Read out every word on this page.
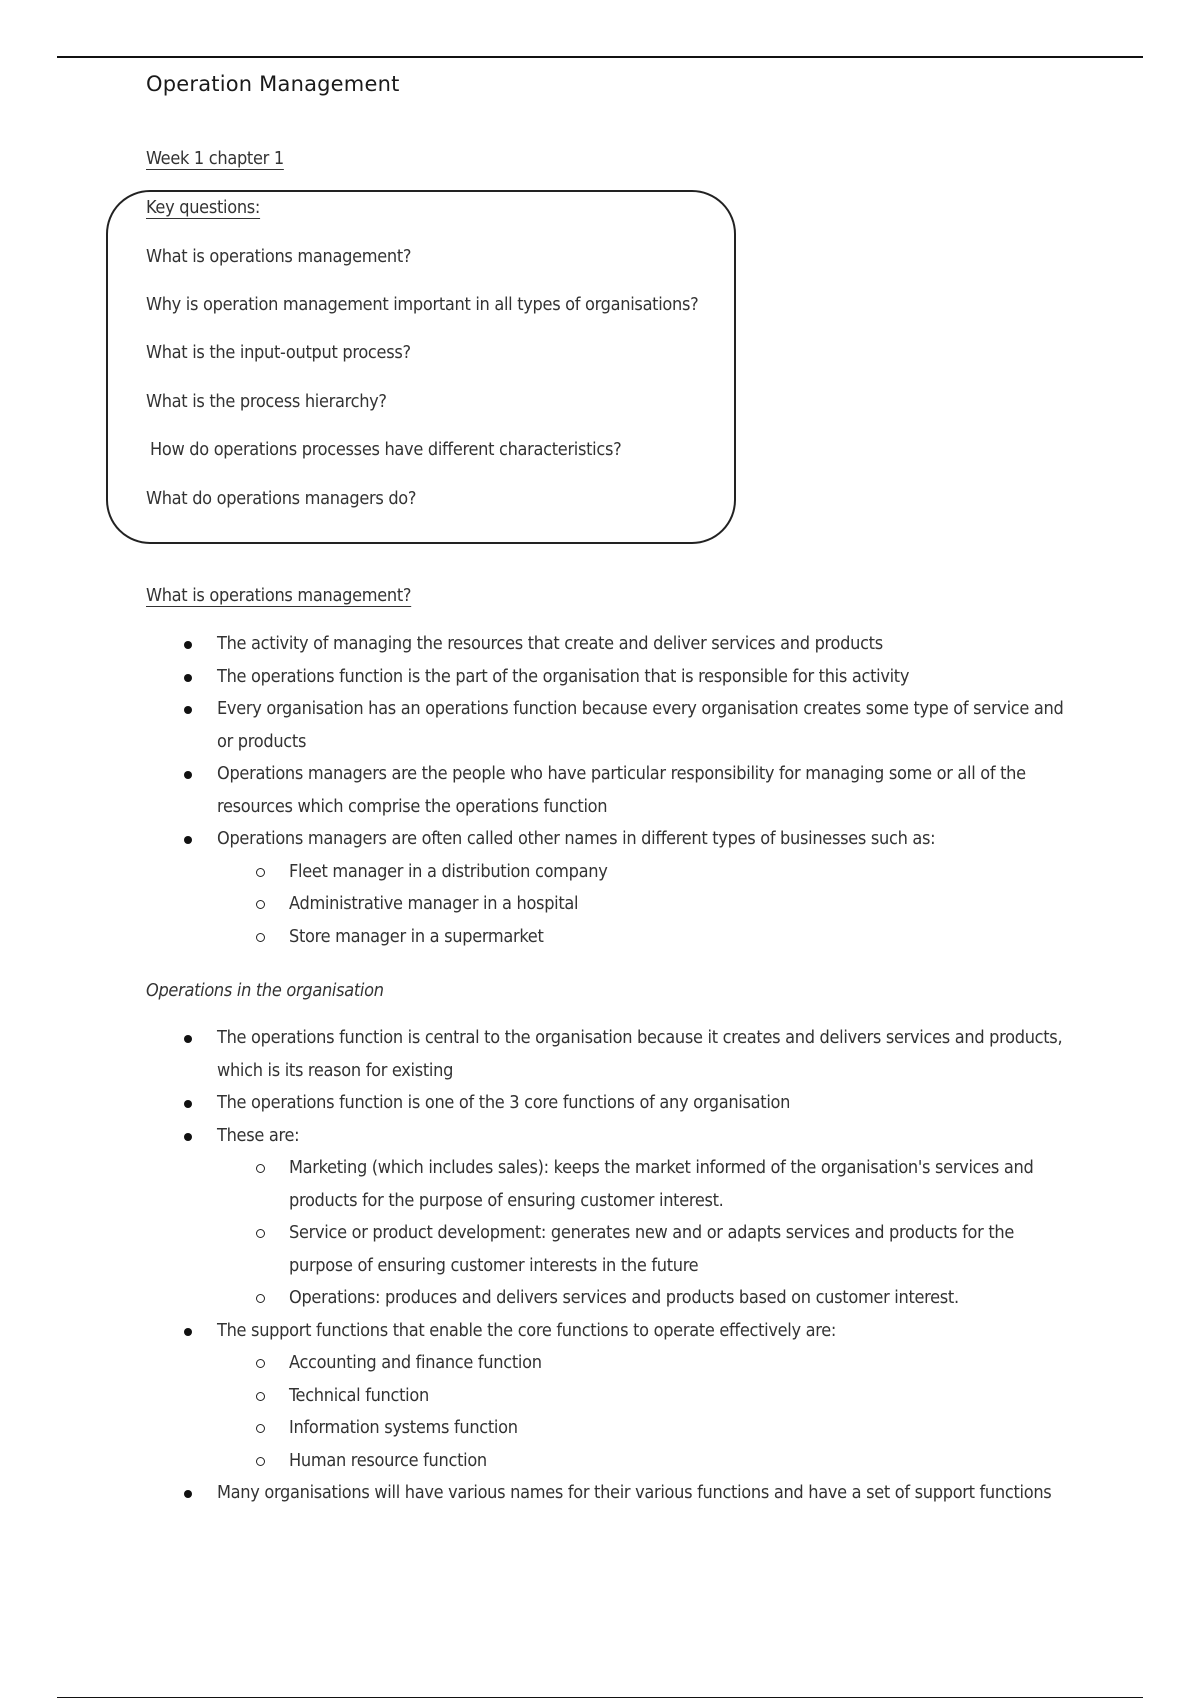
Operation Management
Week 1 chapter 1
Key questions:

What is operations management?

Why is operation management important in all types of organisations?

What is the input-output process?

What is the process hierarchy?

How do operations processes have different characteristics?

What do operations managers do?

What is operations management?
The activity of managing the resources that create and deliver services and products
The operations function is the part of the organisation that is responsible for this activity
Every organisation has an operations function because every organisation creates some type of service and or products
Operations managers are the people who have particular responsibility for managing some or all of the resources which comprise the operations function
Operations managers are often called other names in different types of businesses such as:
Fleet manager in a distribution company
Administrative manager in a hospital
Store manager in a supermarket
Operations in the organisation
The operations function is central to the organisation because it creates and delivers services and products, which is its reason for existing
The operations function is one of the 3 core functions of any organisation
These are:
Marketing (which includes sales): keeps the market informed of the organisation's services and products for the purpose of ensuring customer interest.
Service or product development: generates new and or adapts services and products for the purpose of ensuring customer interests in the future
Operations: produces and delivers services and products based on customer interest.
The support functions that enable the core functions to operate effectively are:
Accounting and finance function
Technical function
Information systems function
Human resource function
Many organisations will have various names for their various functions and have a set of support functions
